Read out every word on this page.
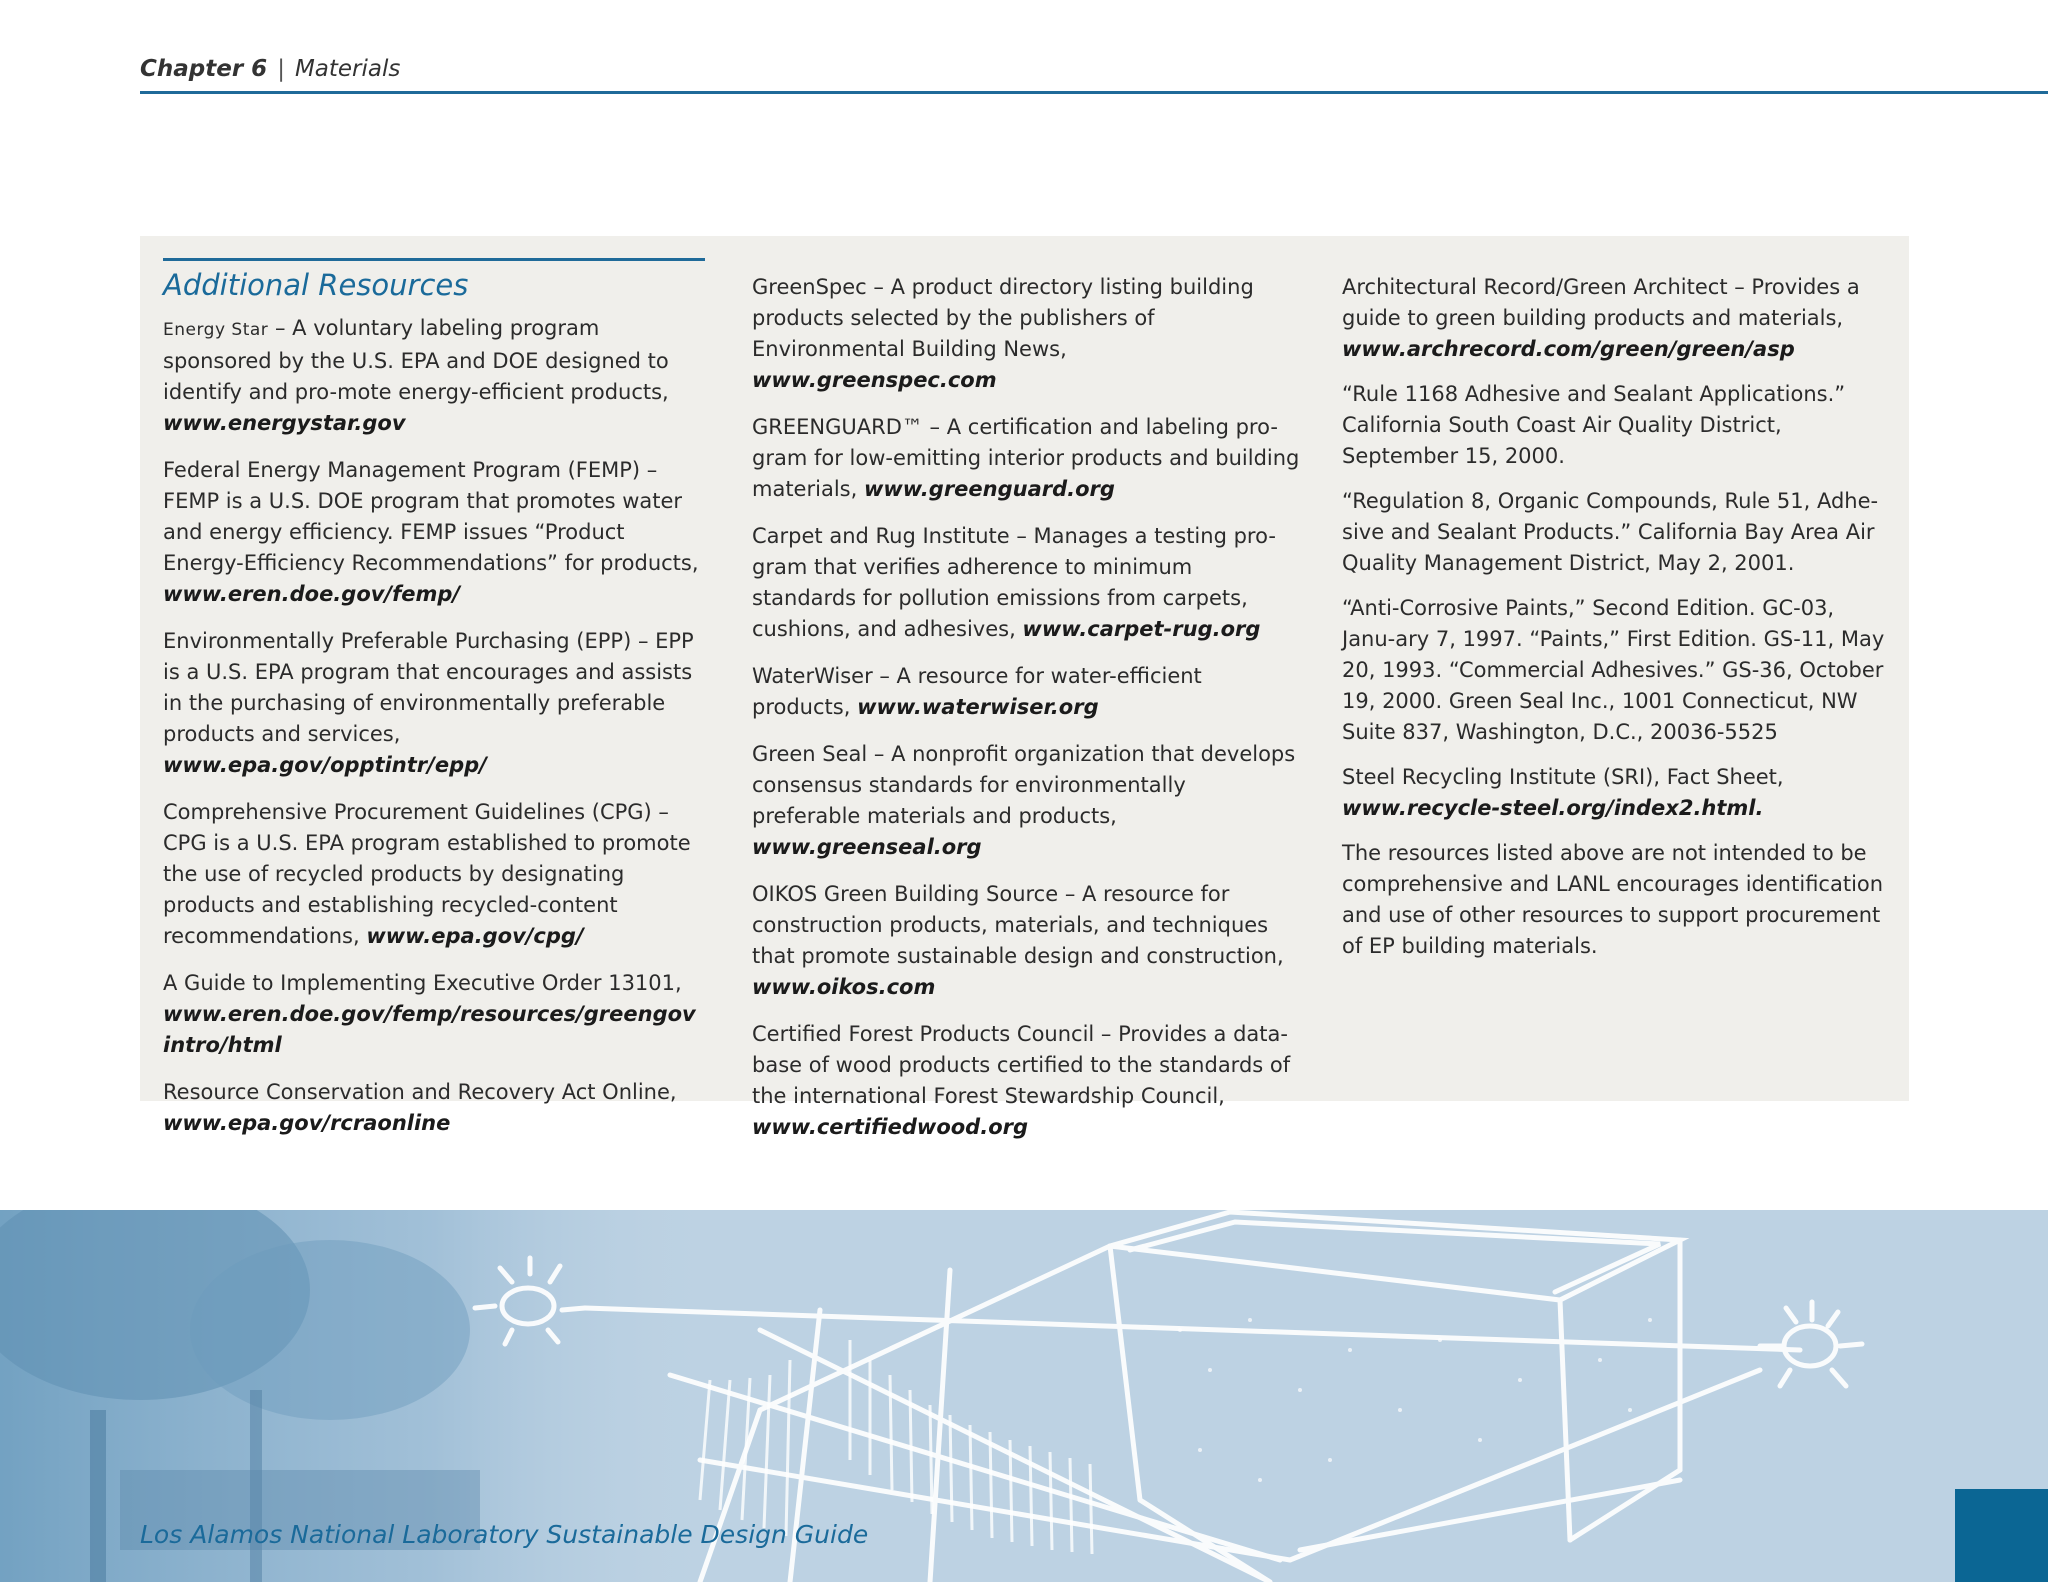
Chapter 6 | Materials
Additional Resources

Energy Star – A voluntary labeling program sponsored by the U.S. EPA and DOE designed to identify and pro-mote energy-efficient products, www.energystar.gov

Federal Energy Management Program (FEMP) – FEMP is a U.S. DOE program that promotes water and energy efficiency. FEMP issues “Product Energy-Efficiency Recommendations” for products, www.eren.doe.gov/femp/

Environmentally Preferable Purchasing (EPP) – EPP is a U.S. EPA program that encourages and assists in the purchasing of environmentally preferable products and services, www.epa.gov/opptintr/epp/

Comprehensive Procurement Guidelines (CPG) – CPG is a U.S. EPA program established to promote the use of recycled products by designating products and establishing recycled-content recommendations, www.epa.gov/cpg/

A Guide to Implementing Executive Order 13101, www.eren.doe.gov/femp/resources/greengov intro/html

Resource Conservation and Recovery Act Online, www.epa.gov/rcraonline

GreenSpec – A product directory listing building products selected by the publishers of Environmental Building News, www.greenspec.com

GREENGUARD™ – A certification and labeling pro-gram for low-emitting interior products and building materials, www.greenguard.org

Carpet and Rug Institute – Manages a testing pro-gram that verifies adherence to minimum standards for pollution emissions from carpets, cushions, and adhesives, www.carpet-rug.org

WaterWiser – A resource for water-efficient products, www.waterwiser.org

Green Seal – A nonprofit organization that develops consensus standards for environmentally preferable materials and products, www.greenseal.org

OIKOS Green Building Source – A resource for construction products, materials, and techniques that promote sustainable design and construction, www.oikos.com

Certified Forest Products Council – Provides a data-base of wood products certified to the standards of the international Forest Stewardship Council, www.certifiedwood.org

Architectural Record/Green Architect – Provides a guide to green building products and materials, www.archrecord.com/green/green/asp

“Rule 1168 Adhesive and Sealant Applications.” California South Coast Air Quality District, September 15, 2000.

“Regulation 8, Organic Compounds, Rule 51, Adhe-sive and Sealant Products.” California Bay Area Air Quality Management District, May 2, 2001.

“Anti-Corrosive Paints,” Second Edition. GC-03, Janu-ary 7, 1997. “Paints,” First Edition. GS-11, May 20, 1993. “Commercial Adhesives.” GS-36, October 19, 2000. Green Seal Inc., 1001 Connecticut, NW Suite 837, Washington, D.C., 20036-5525

Steel Recycling Institute (SRI), Fact Sheet, www.recycle-steel.org/index2.html.

The resources listed above are not intended to be comprehensive and LANL encourages identification and use of other resources to support procurement of EP building materials.

Los Alamos National Laboratory Sustainable Design Guide
